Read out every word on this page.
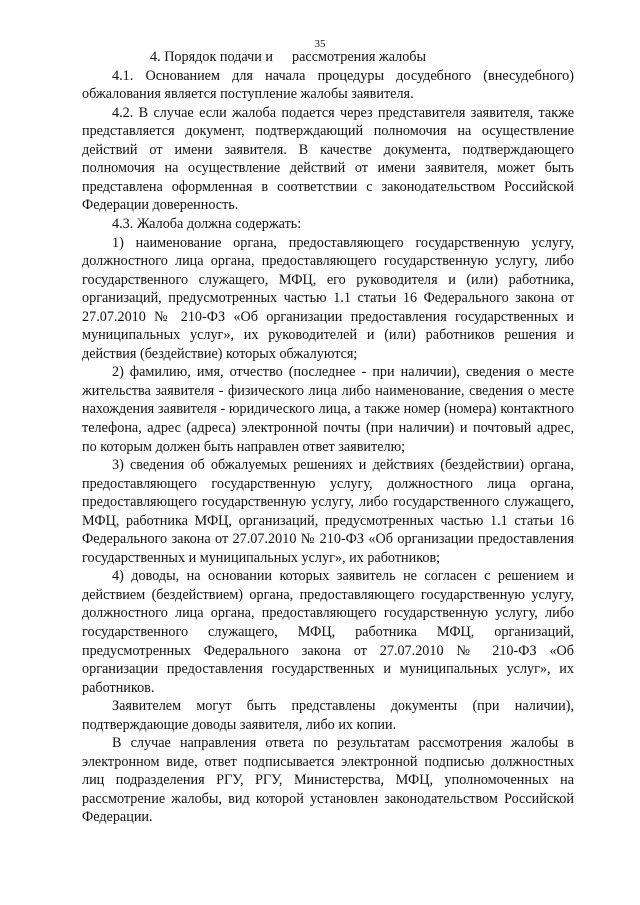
35
4. Порядок подачи и	рассмотрения жалобы

4.1. Основанием для начала процедуры досудебного (внесудебного) обжалования является поступление жалобы заявителя.

4.2. В случае если жалоба подается через представителя заявителя, также представляется документ, подтверждающий полномочия на осуществление действий от имени заявителя. В качестве документа, подтверждающего полномочия на осуществление действий от имени заявителя, может быть представлена оформленная в соответствии с законодательством Российской Федерации доверенность.

4.3. Жалоба должна содержать:

1) наименование органа, предоставляющего государственную услугу, должностного лица органа, предоставляющего государственную услугу, либо государственного служащего, МФЦ, его руководителя и (или) работника, организаций, предусмотренных частью 1.1 статьи 16 Федерального закона от 27.07.2010 № 210-ФЗ «Об организации предоставления государственных и муниципальных услуг», их руководителей и (или) работников решения и действия (бездействие) которых обжалуются;

2) фамилию, имя, отчество (последнее - при наличии), сведения о месте жительства заявителя - физического лица либо наименование, сведения о месте нахождения заявителя - юридического лица, а также номер (номера) контактного телефона, адрес (адреса) электронной почты (при наличии) и почтовый адрес, по которым должен быть направлен ответ заявителю;

3) сведения об обжалуемых решениях и действиях (бездействии) органа, предоставляющего государственную услугу, должностного лица органа, предоставляющего государственную услугу, либо государственного служащего, МФЦ, работника МФЦ, организаций, предусмотренных частью 1.1 статьи 16 Федерального закона от 27.07.2010 № 210-ФЗ «Об организации предоставления государственных и муниципальных услуг», их работников;

4) доводы, на основании которых заявитель не согласен с решением и действием (бездействием) органа, предоставляющего государственную услугу, должностного лица органа, предоставляющего государственную услугу, либо государственного служащего, МФЦ, работника МФЦ, организаций, предусмотренных Федерального закона от 27.07.2010 № 210-ФЗ «Об организации предоставления государственных и муниципальных услуг», их работников.

Заявителем могут быть представлены документы (при наличии), подтверждающие доводы заявителя, либо их копии.

В случае направления ответа по результатам рассмотрения жалобы в электронном виде, ответ подписывается электронной подписью должностных лиц подразделения РГУ, РГУ, Министерства, МФЦ, уполномоченных на рассмотрение жалобы, вид которой установлен законодательством Российской Федерации.
